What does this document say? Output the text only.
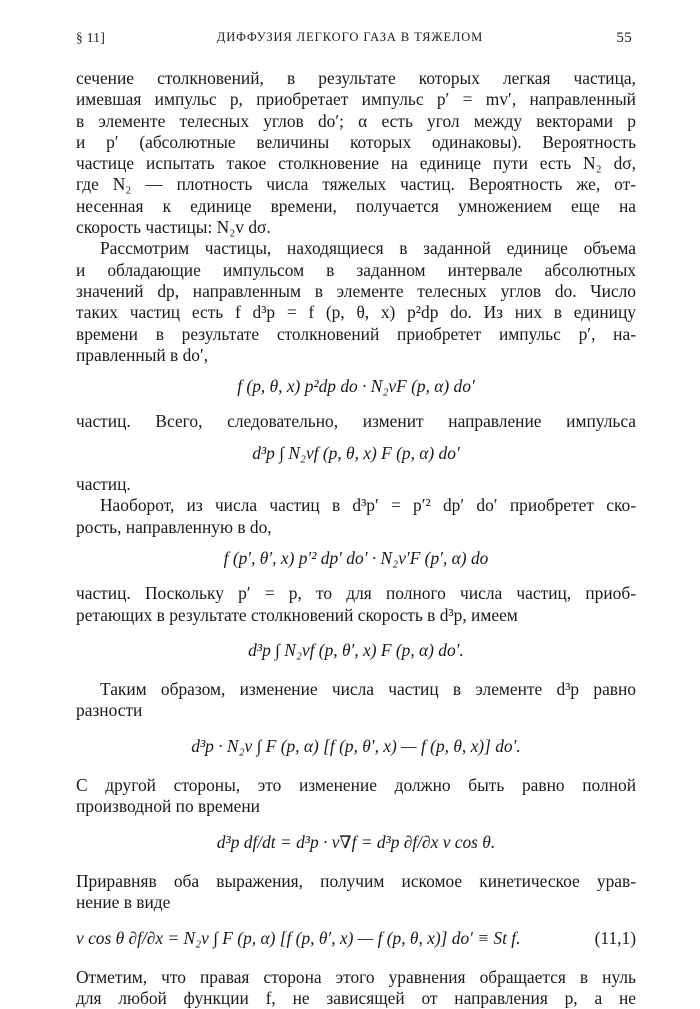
§ 11]	ДИФФУЗИЯ ЛЕГКОГО ГАЗА В ТЯЖЕЛОМ	55
сечение столкновений, в результате которых легкая частица,
имевшая импульс p, приобретает импульс p′ = mv′, направленный
в элементе телесных углов do′; α есть угол между векторами p
и p′ (абсолютные величины которых одинаковы). Вероятность
частице испытать такое столкновение на единице пути есть N₂ dσ,
где N₂ — плотность числа тяжелых частиц. Вероятность же, от-
несенная к единице времени, получается умножением еще на
скорость частицы: N₂v dσ.
Рассмотрим частицы, находящиеся в заданной единице объема
и обладающие импульсом в заданном интервале абсолютных
значений dp, направленным в элементе телесных углов do. Число
таких частиц есть f d³p = f (p, θ, x) p²dp do. Из них в единицу
времени в результате столкновений приобретет импульс p′, на-
правленный в do′,
f (p, θ, x) p²dp do · N₂vF (p, α) do′
частиц. Всего, следовательно, изменит направление импульса
d³p ∫ N₂vf (p, θ, x) F (p, α) do′
частиц.
Наоборот, из числа частиц в d³p′ = p′² dp′ do′ приобретет ско-
рость, направленную в do,
f (p′, θ′, x) p′² dp′ do′ · N₂v′F (p′, α) do
частиц. Поскольку p′ = p, то для полного числа частиц, приоб-
ретающих в результате столкновений скорость в d³p, имеем
d³p ∫ N₂vf (p, θ′, x) F (p, α) do′.
Таким образом, изменение числа частиц в элементе d³p равно
разности
d³p · N₂v ∫ F (p, α) [f (p, θ′, x) — f (p, θ, x)] do′.
С другой стороны, это изменение должно быть равно полной
производной по времени
d³p df/dt = d³p · v∇f = d³p ∂f/∂x v cos θ.
Приравняв оба выражения, получим искомое кинетическое урав-
нение в виде
v cos θ ∂f/∂x = N₂v ∫ F (p, α) [f (p, θ′, x) — f (p, θ, x)] do′ ≡ St f.	(11,1)
Отметим, что правая сторона этого уравнения обращается в нуль
для любой функции f, не зависящей от направления p, а не
